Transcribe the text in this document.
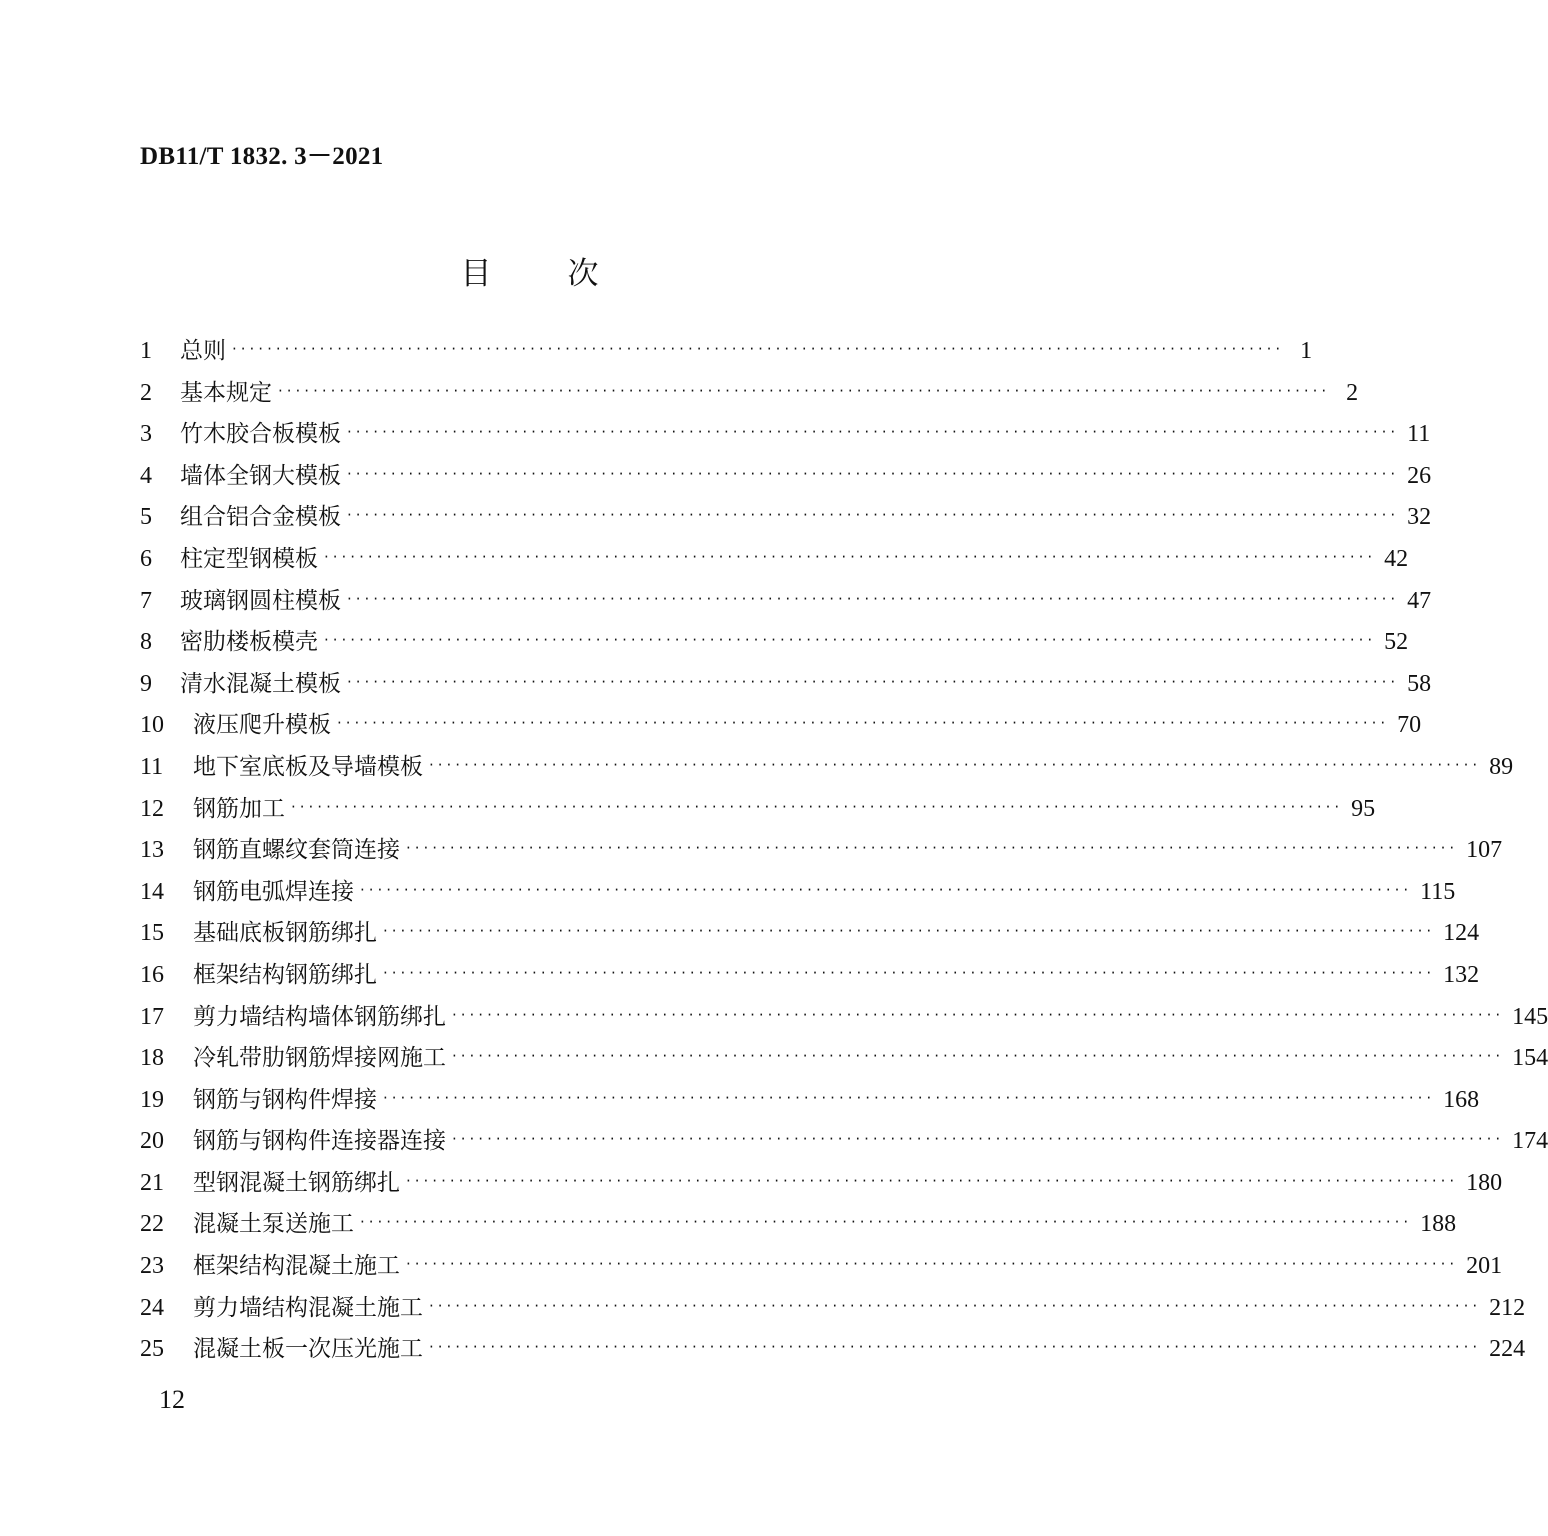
DB11/T 1832. 3－2021
目次
1	总则 ························································································································ 1
2	基本规定 ························································································································ 2
3	竹木胶合板模板 ························································································································ 11
4	墙体全钢大模板 ························································································································ 26
5	组合铝合金模板 ························································································································ 32
6	柱定型钢模板 ························································································································ 42
7	玻璃钢圆柱模板 ························································································································ 47
8	密肋楼板模壳 ························································································································ 52
9	清水混凝土模板 ························································································································ 58
10	液压爬升模板 ························································································································ 70
11	地下室底板及导墙模板 ························································································································ 89
12	钢筋加工 ························································································································ 95
13	钢筋直螺纹套筒连接 ························································································································ 107
14	钢筋电弧焊连接 ························································································································ 115
15	基础底板钢筋绑扎 ························································································································ 124
16	框架结构钢筋绑扎 ························································································································ 132
17	剪力墙结构墙体钢筋绑扎 ························································································································ 145
18	冷轧带肋钢筋焊接网施工 ························································································································ 154
19	钢筋与钢构件焊接 ························································································································ 168
20	钢筋与钢构件连接器连接 ························································································································ 174
21	型钢混凝土钢筋绑扎 ························································································································ 180
22	混凝土泵送施工 ························································································································ 188
23	框架结构混凝土施工 ························································································································ 201
24	剪力墙结构混凝土施工 ························································································································ 212
25	混凝土板一次压光施工 ························································································································ 224
12
